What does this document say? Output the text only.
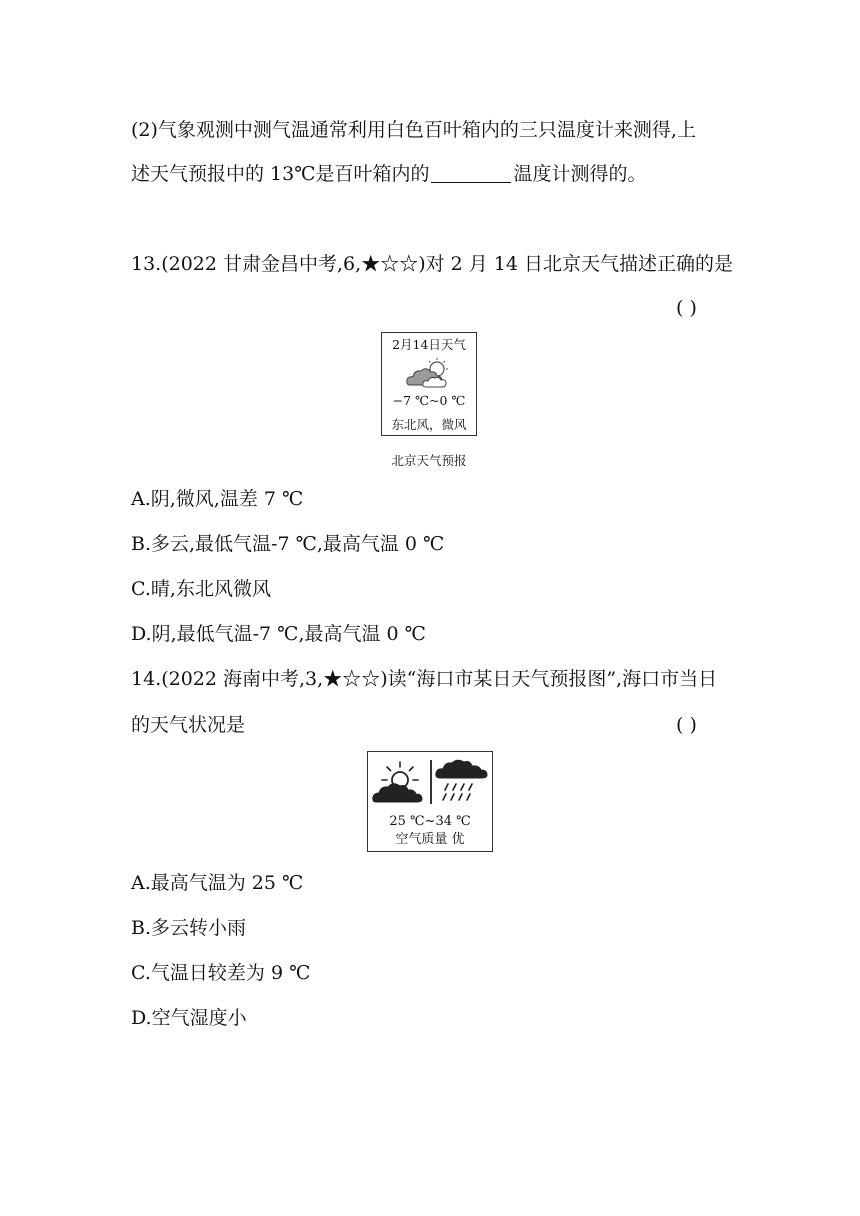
(2)气象观测中测气温通常利用白色百叶箱内的三只温度计来测得,上
述天气预报中的 13℃是百叶箱内的	温度计测得的。
13.(2022 甘肃金昌中考,6,★☆☆)对 2 月 14 日北京天气描述正确的是
( )
2月14日天气
−7 ℃~0 ℃
东北风，微风
北京天气预报
A.阴,微风,温差 7 ℃
B.多云,最低气温-7 ℃,最高气温 0 ℃
C.晴,东北风微风
D.阴,最低气温-7 ℃,最高气温 0 ℃
14.(2022 海南中考,3,★☆☆)读“海口市某日天气预报图”,海口市当日
的天气状况是	( )
25 ℃~34 ℃
空气质量 优
A.最高气温为 25 ℃
B.多云转小雨
C.气温日较差为 9 ℃
D.空气湿度小
